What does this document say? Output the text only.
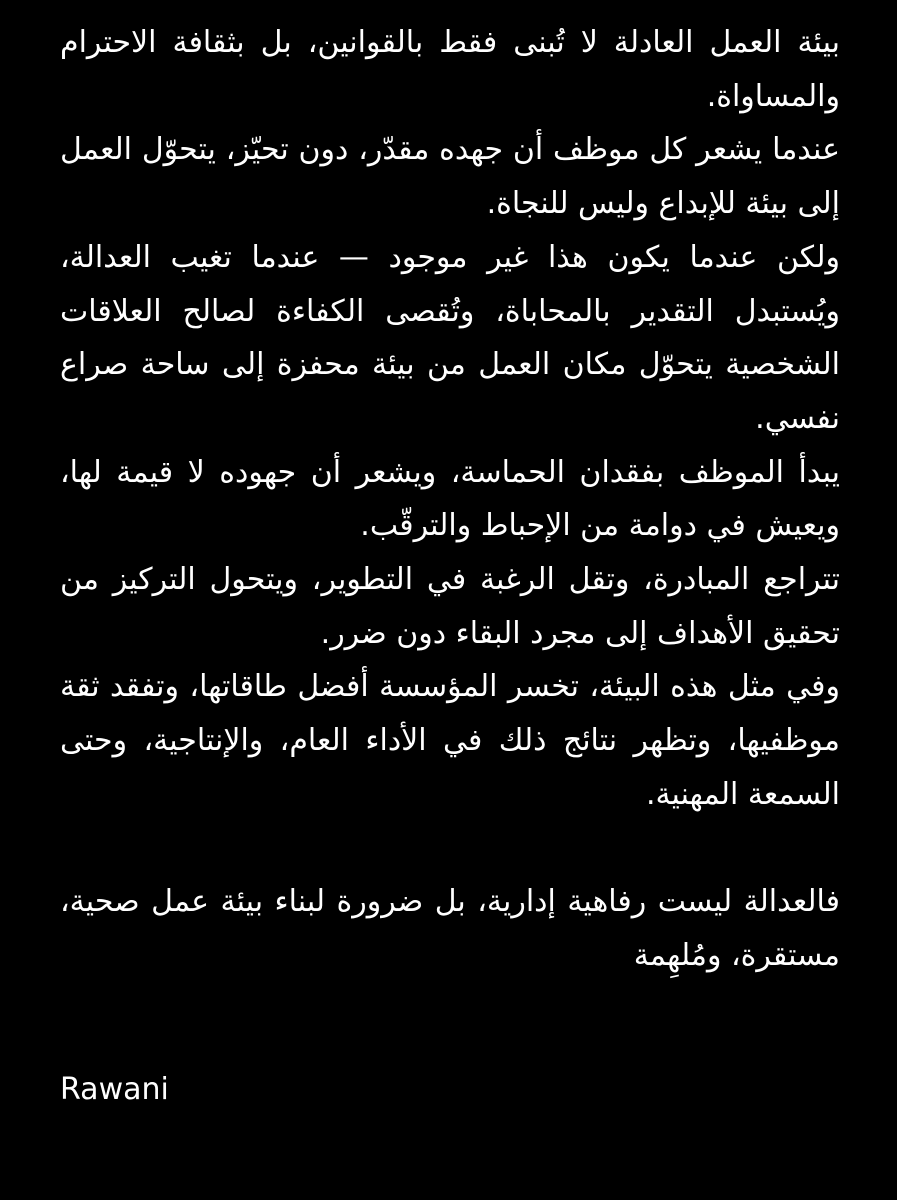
بيئة العمل العادلة لا تُبنى فقط بالقوانين، بل بثقافة الاحترام والمساواة.

عندما يشعر كل موظف أن جهده مقدّر، دون تحيّز، يتحوّل العمل إلى بيئة للإبداع وليس للنجاة.

ولكن عندما يكون هذا غير موجود — عندما تغيب العدالة، ويُستبدل التقدير بالمحاباة، وتُقصى الكفاءة لصالح العلاقات الشخصية يتحوّل مكان العمل من بيئة محفزة إلى ساحة صراع نفسي.

يبدأ الموظف بفقدان الحماسة، ويشعر أن جهوده لا قيمة لها، ويعيش في دوامة من الإحباط والترقّب.

تتراجع المبادرة، وتقل الرغبة في التطوير، ويتحول التركيز من تحقيق الأهداف إلى مجرد البقاء دون ضرر.

وفي مثل هذه البيئة، تخسر المؤسسة أفضل طاقاتها، وتفقد ثقة موظفيها، وتظهر نتائج ذلك في الأداء العام، والإنتاجية، وحتى السمعة المهنية.

فالعدالة ليست رفاهية إدارية، بل ضرورة لبناء بيئة عمل صحية، مستقرة، ومُلهِمة

Rawani
